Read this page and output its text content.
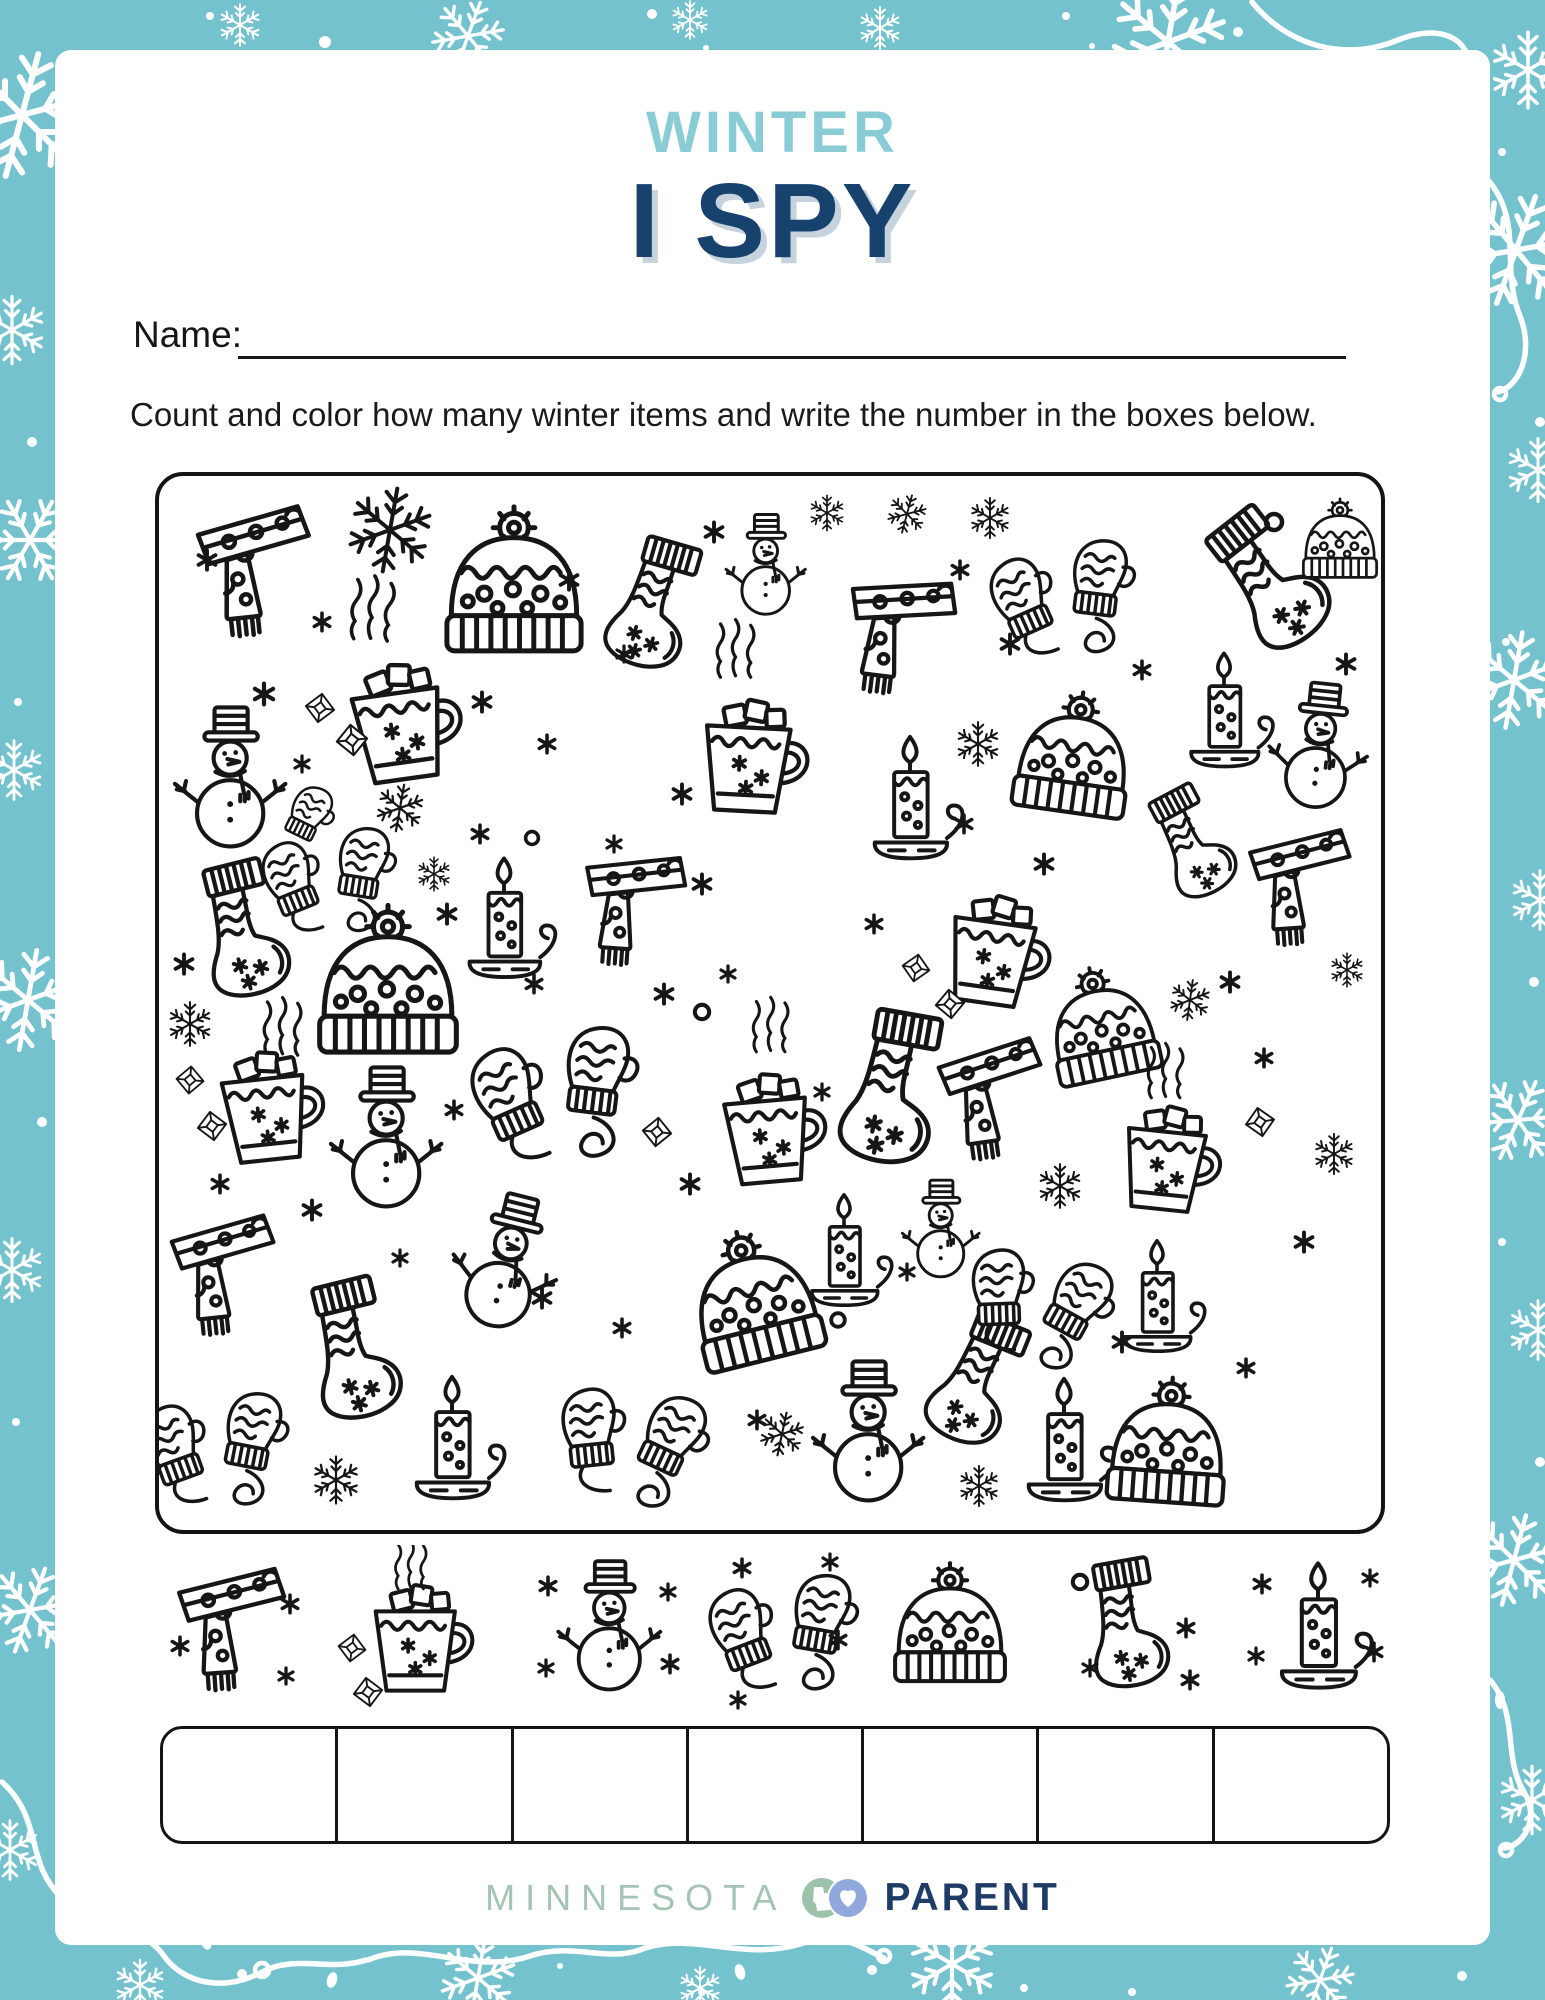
WINTER
I SPY
Name:
Count and color how many winter items and write the number in the boxes below.
MINNESOTA	PARENT
